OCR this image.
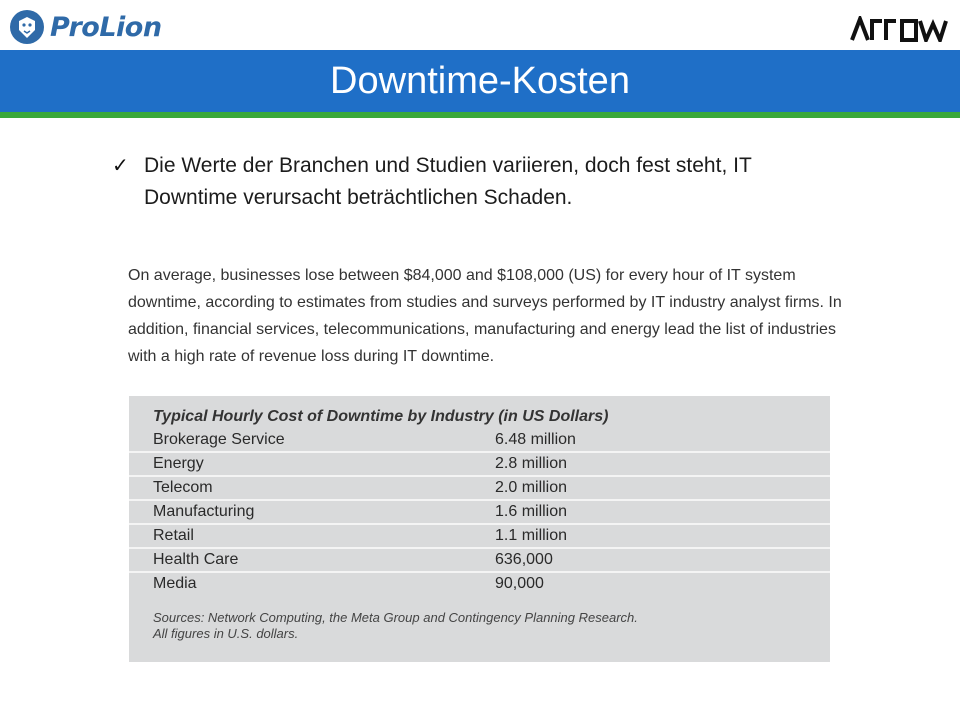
ProLion
Downtime-Kosten
✓ Die Werte der Branchen und Studien variieren, doch fest steht, IT Downtime verursacht beträchtlichen Schaden.
On average, businesses lose between $84,000 and $108,000 (US) for every hour of IT system downtime, according to estimates from studies and surveys performed by IT industry analyst firms. In addition, financial services, telecommunications, manufacturing and energy lead the list of industries with a high rate of revenue loss during IT downtime.
Typical Hourly Cost of Downtime by Industry (in US Dollars)
Brokerage Service	6.48 million
Energy	2.8 million
Telecom	2.0 million
Manufacturing	1.6 million
Retail	1.1 million
Health Care	636,000
Media	90,000
Sources: Network Computing, the Meta Group and Contingency Planning Research.
All figures in U.S. dollars.
